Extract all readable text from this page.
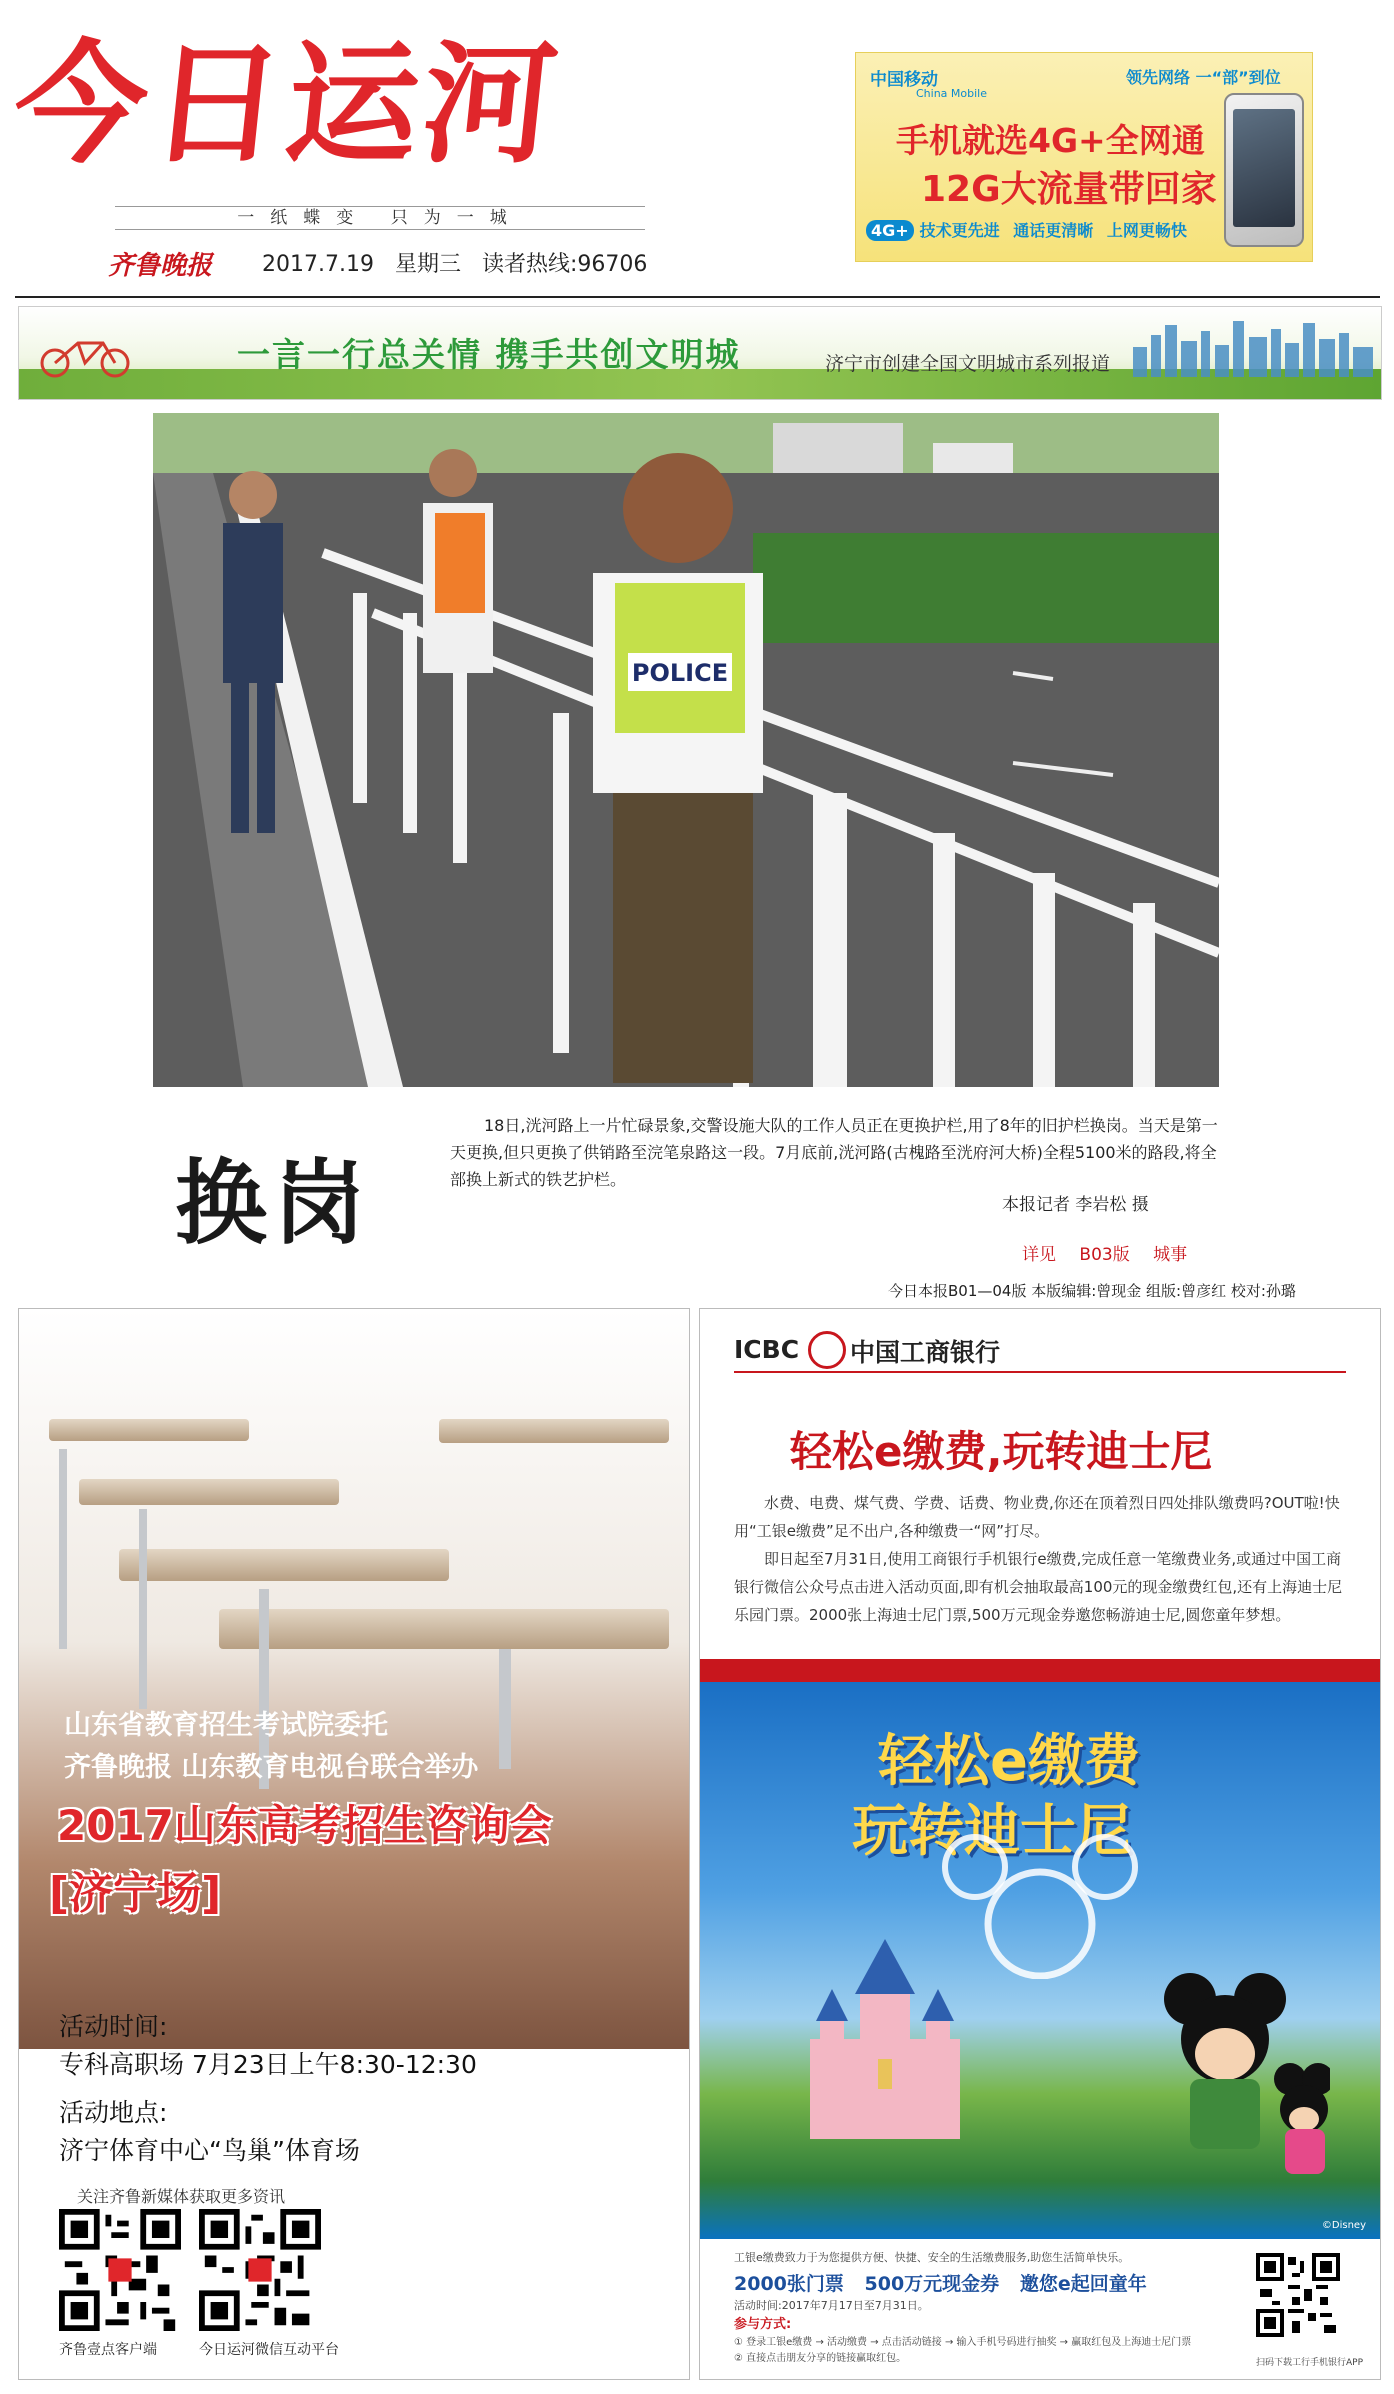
今日运河
一纸蝶变 只为一城
齐鲁晚报 2017.7.19 星期三 读者热线:96706
中国移动
China Mobile
领先网络 一“部”到位
手机就选4G+全网通
12G大流量带回家
4G+ 技术更先进 通话更清晰 上网更畅快
一言一行总关情 携手共创文明城	济宁市创建全国文明城市系列报道
POLICE
换岗
18日,洸河路上一片忙碌景象,交警设施大队的工作人员正在更换护栏,用了8年的旧护栏换岗。当天是第一天更换,但只更换了供销路至浣笔泉路这一段。7月底前,洸河路(古槐路至洸府河大桥)全程5100米的路段,将全部换上新式的铁艺护栏。
本报记者 李岩松 摄
详见 B03版 城事
今日本报B01—04版 本版编辑:曾现金 组版:曾彦红 校对:孙璐
山东省教育招生考试院委托
齐鲁晚报 山东教育电视台联合举办
2017山东高考招生咨询会
[济宁场]
活动时间:
专科高职场 7月23日上午8:30-12:30
活动地点:
济宁体育中心“鸟巢”体育场
关注齐鲁新媒体获取更多资讯
齐鲁壹点客户端	今日运河微信互动平台
ICBC 中国工商银行
轻松e缴费,玩转迪士尼
水费、电费、煤气费、学费、话费、物业费,你还在顶着烈日四处排队缴费吗?OUT啦!快用“工银e缴费”足不出户,各种缴费一“网”打尽。
即日起至7月31日,使用工商银行手机银行e缴费,完成任意一笔缴费业务,或通过中国工商银行微信公众号点击进入活动页面,即有机会抽取最高100元的现金缴费红包,还有上海迪士尼乐园门票。2000张上海迪士尼门票,500万元现金券邀您畅游迪士尼,圆您童年梦想。
轻松e缴费
玩转迪士尼
©Disney
工银e缴费致力于为您提供方便、快捷、安全的生活缴费服务,助您生活简单快乐。
2000张门票 500万元现金券 邀您e起回童年
活动时间:2017年7月17日至7月31日。
参与方式:
① 登录工银e缴费 → 活动缴费 → 点击活动链接 → 输入手机号码进行抽奖 → 赢取红包及上海迪士尼门票
② 直接点击朋友分享的链接赢取红包。	扫码下载工行手机银行APP
